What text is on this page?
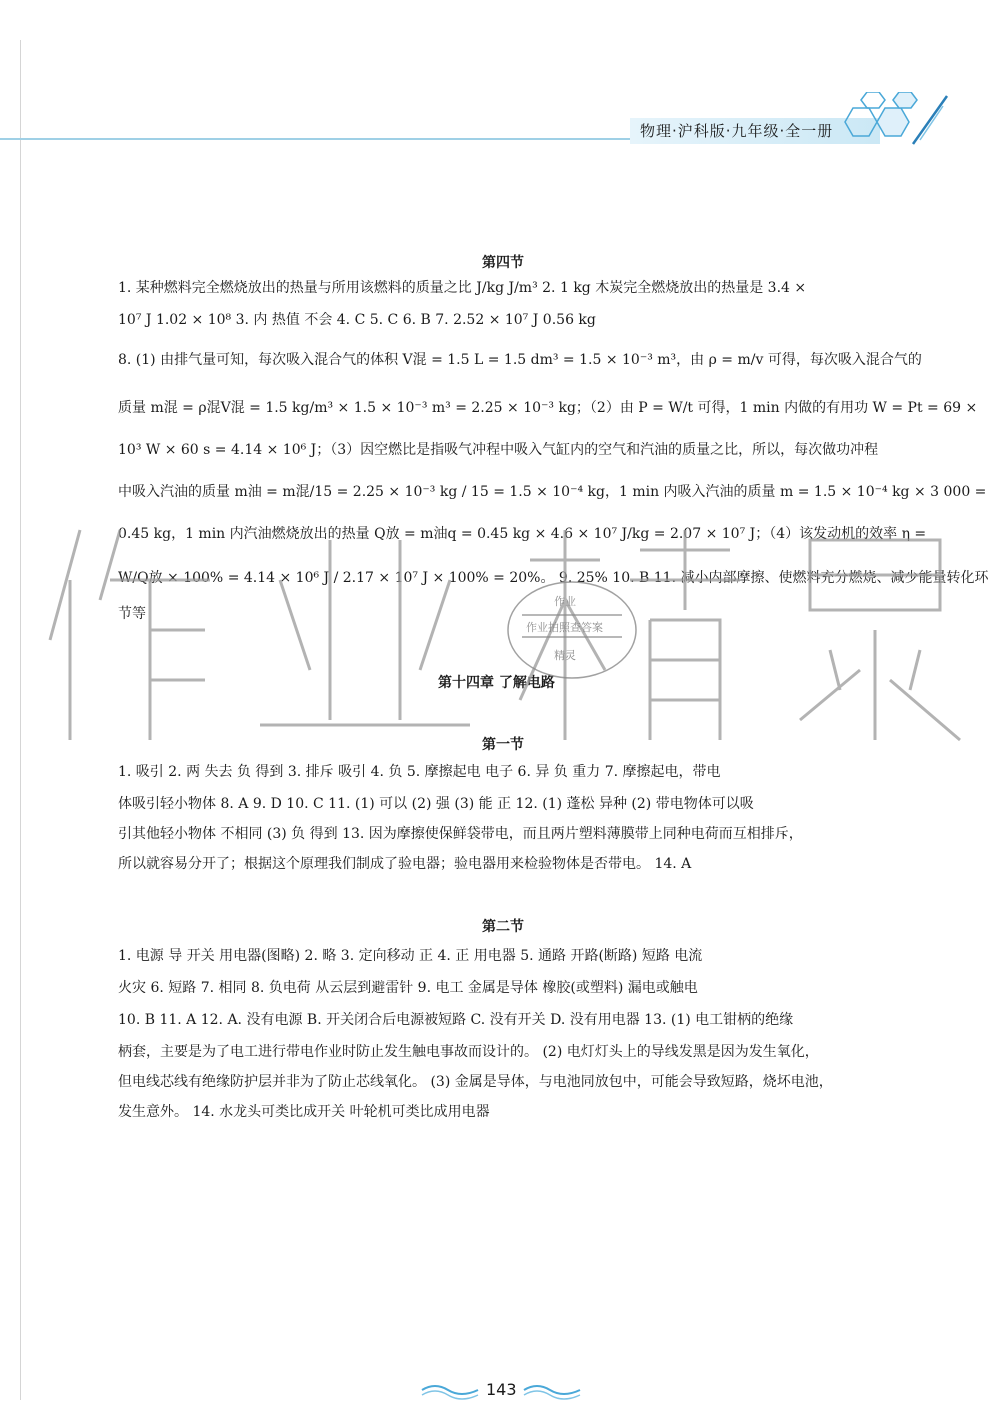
物理·沪科版·九年级·全一册
第四节
1. 某种燃料完全燃烧放出的热量与所用该燃料的质量之比 J/kg J/m³ 2. 1 kg 木炭完全燃烧放出的热量是 3.4 ×
10⁷ J 1.02 × 10⁸ 3. 内 热值 不会 4. C 5. C 6. B 7. 2.52 × 10⁷ J 0.56 kg
8. (1) 由排气量可知，每次吸入混合气的体积 V混 = 1.5 L = 1.5 dm³ = 1.5 × 10⁻³ m³，由 ρ = m/v 可得，每次吸入混合气的
质量 m混 = ρ混V混 = 1.5 kg/m³ × 1.5 × 10⁻³ m³ = 2.25 × 10⁻³ kg；（2）由 P = W/t 可得，1 min 内做的有用功 W = Pt = 69 ×
10³ W × 60 s = 4.14 × 10⁶ J；（3）因空燃比是指吸气冲程中吸入气缸内的空气和汽油的质量之比，所以，每次做功冲程
中吸入汽油的质量 m油 = m混/15 = 2.25 × 10⁻³ kg / 15 = 1.5 × 10⁻⁴ kg，1 min 内吸入汽油的质量 m = 1.5 × 10⁻⁴ kg × 3 000 =
0.45 kg，1 min 内汽油燃烧放出的热量 Q放 = m油q = 0.45 kg × 4.6 × 10⁷ J/kg = 2.07 × 10⁷ J；（4）该发动机的效率 η =
W/Q放 × 100% = 4.14 × 10⁶ J / 2.17 × 10⁷ J × 100% = 20%。 9. 25% 10. B 11. 减小内部摩擦、使燃料充分燃烧、减少能量转化环
节等
第十四章 了解电路
第一节
1. 吸引 2. 两 失去 负 得到 3. 排斥 吸引 4. 负 5. 摩擦起电 电子 6. 异 负 重力 7. 摩擦起电，带电
体吸引轻小物体 8. A 9. D 10. C 11. (1) 可以 (2) 强 (3) 能 正 12. (1) 蓬松 异种 (2) 带电物体可以吸
引其他轻小物体 不相同 (3) 负 得到 13. 因为摩擦使保鲜袋带电，而且两片塑料薄膜带上同种电荷而互相排斥，
所以就容易分开了；根据这个原理我们制成了验电器；验电器用来检验物体是否带电。 14. A
第二节
1. 电源 导 开关 用电器(图略) 2. 略 3. 定向移动 正 4. 正 用电器 5. 通路 开路(断路) 短路 电流
火灾 6. 短路 7. 相同 8. 负电荷 从云层到避雷针 9. 电工 金属是导体 橡胶(或塑料) 漏电或触电
10. B 11. A 12. A. 没有电源 B. 开关闭合后电源被短路 C. 没有开关 D. 没有用电器 13. (1) 电工钳柄的绝缘
柄套，主要是为了电工进行带电作业时防止发生触电事故而设计的。 (2) 电灯灯头上的导线发黑是因为发生氧化，
但电线芯线有绝缘防护层并非为了防止芯线氧化。 (3) 金属是导体，与电池同放包中，可能会导致短路，烧坏电池，
发生意外。 14. 水龙头可类比成开关 叶轮机可类比成用电器
作业
作业拍照查答案
精灵
143
